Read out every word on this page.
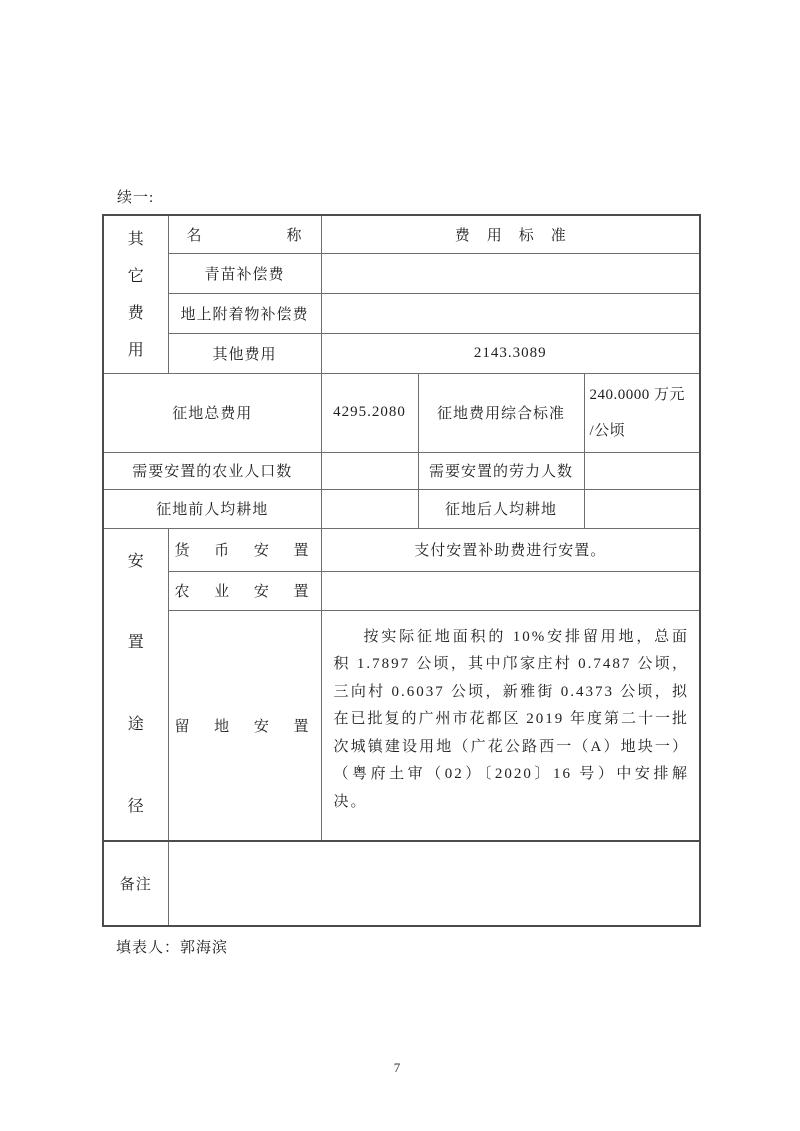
续一:
其
它
费
用	名称	费用标准		
	青苗补偿费			
	地上附着物补偿费			
	其他费用	2143.3089		
征地总费用		4295.2080	征地费用综合标准	240.0000 万元
/公顷

需要安置的农业人口数			需要安置的劳力人数	
征地前人均耕地			征地后人均耕地	

安
置
途
径	货币安置	支付安置补助费进行安置。		
	农业安置			
	留地安置	按实际征地面积的 10%安排留用地，总面积 1.7897 公顷，其中邝家庄村 0.7487 公顷，三向村 0.6037 公顷，新雅街 0.4373 公顷，拟在已批复的广州市花都区 2019 年度第二十一批次城镇建设用地（广花公路西一（A）地块一）（粤府土审（02）〔2020〕16 号）中安排解决。		

备注				
填表人：郭海滨
7
